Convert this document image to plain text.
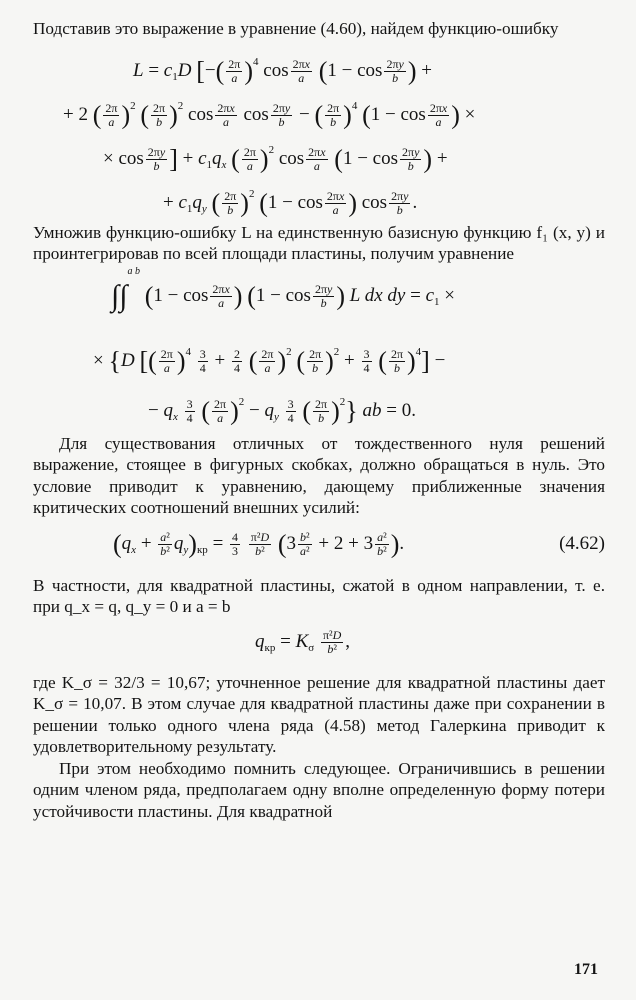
Подставив это выражение в уравнение (4.60), найдем функцию-ошибку

$L = c_1D$ [−( $\frac{2\pi}{a} )^4$ $\cos \frac{2\pi x}{a} (1 - \cos \frac{2\pi y}{b}$ ) +
+ 2 ( $\frac{2\pi}{a} )^2$ ( $\frac{2\pi}{b} )^2$ $\cos \frac{2\pi x}{a}$ $\cos \frac{2\pi y}{b}$ − ( $\frac{2\pi}{b} )^4$ ($1 - \cos \frac{2\pi x}{a}$ ) ×
× $\cos \frac{2\pi y}{b}$ ] + $c_1q_x$ ( $\frac{2\pi}{a} )^2$ $\cos \frac{2\pi x}{a} (1 - \cos \frac{2\pi y}{b}$ ) +
+ $c_1q_y$ ( $\frac{2\pi}{b} )^2$ ($1 - \cos \frac{2\pi x}{a}$ ) $\cos \frac{2\pi y}{b}$ .

Умножив функцию-ошибку L на единственную базисную функцию f₁ (x, y) и проинтегрировав по всей площади пластины, получим уравнение

∫∫$^{a b}$ ($1 - \cos \frac{2\pi x}{a}$ ) ($1 - \cos \frac{2\pi y}{b}$ ) L dx dy = $c_1$ ×
× {D [( $\frac{2\pi}{a} )^4 \frac{3}{4} + \frac{2}{4}$ ( $\frac{2\pi}{a} )^2$ ( $\frac{2\pi}{b} )^2 + \frac{3}{4}$ ( $\frac{2\pi}{b} )^4$] −
− $q_x \frac{3}{4}$ ( $\frac{2\pi}{a} )^2 - q_y \frac{3}{4}$ ( $\frac{2\pi}{b} )^2$} ab = 0.

Для существования отличных от тождественного нуля решений выражение, стоящее в фигурных скобках, должно обращаться в нуль. Это условие приводит к уравнению, дающему приближенные значения критических соотношений внешних усилий:

$(q_x + \frac{\text{a²}}{\text{b²}} q_y)_{кр} = \frac{4}{3}$
$\frac{\text{π²D}}{\text{b²}} (3 \frac{\text{b²}}{\text{a²}} + 2 + 3 \frac{\text{a²}}{\text{b²}}$ ).	(4.62)

В частности, для квадратной пластины, сжатой в одном направлении, т. е. при q_x = q, q_y = 0 и a = b

$q_{кр} = K_\sigma \frac{\text{π²D}}{\text{b²}}$ ,

где K_σ = 32/3 = 10,67; уточненное решение для квадратной пластины дает K_σ = 10,07. В этом случае для квадратной пластины даже при сохранении в решении только одного члена ряда (4.58) метод Галеркина приводит к удовлетворительному результату.

При этом необходимо помнить следующее. Ограничившись в решении одним членом ряда, предполагаем одну вполне определенную форму потери устойчивости пластины. Для квадратной

171
